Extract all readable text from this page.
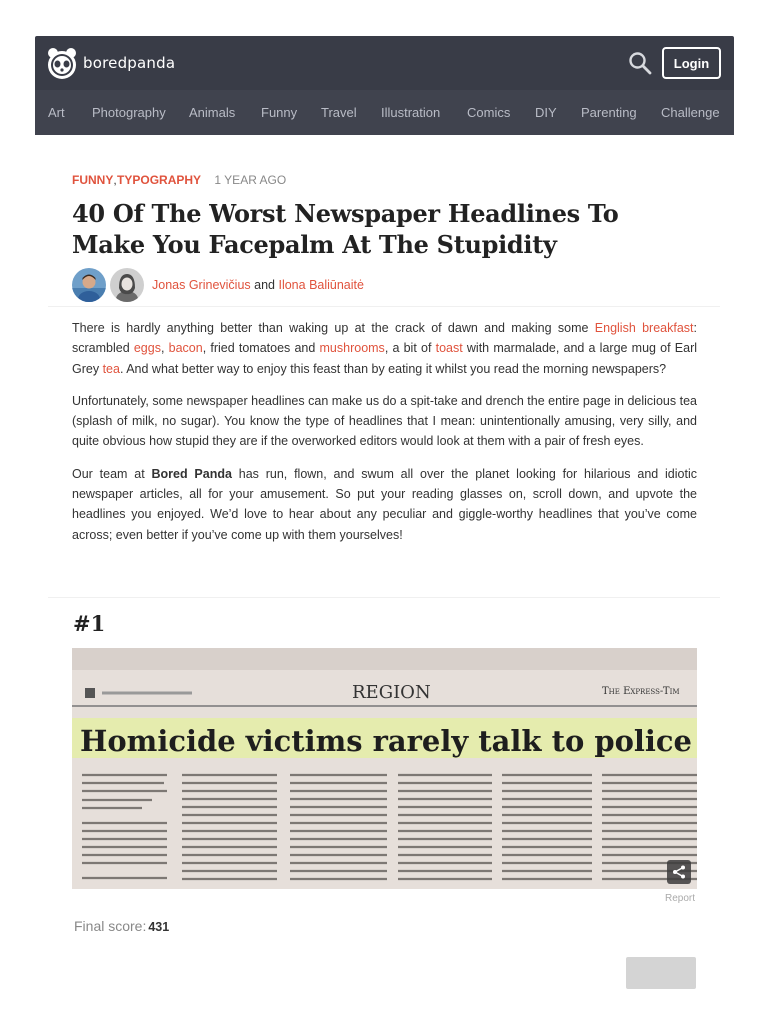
boredpanda	Login
Art Photography Animals Funny Travel Illustration Comics DIY Parenting Challenge
FUNNY, TYPOGRAPHY 1 YEAR AGO
40 Of The Worst Newspaper Headlines To Make You Facepalm At The Stupidity
Jonas Grinevičius and Ilona Baliūnaitė

There is hardly anything better than waking up at the crack of dawn and making some English breakfast: scrambled eggs, bacon, fried tomatoes and mushrooms, a bit of toast with marmalade, and a large mug of Earl Grey tea. And what better way to enjoy this feast than by eating it whilst you read the morning newspapers?

Unfortunately, some newspaper headlines can make us do a spit-take and drench the entire page in delicious tea (splash of milk, no sugar). You know the type of headlines that I mean: unintentionally amusing, very silly, and quite obvious how stupid they are if the overworked editors would look at them with a pair of fresh eyes.

Our team at Bored Panda has run, flown, and swum all over the planet looking for hilarious and idiotic newspaper articles, all for your amusement. So put your reading glasses on, scroll down, and upvote the headlines you enjoyed. We’d love to hear about any peculiar and giggle-worthy headlines that you’ve come across; even better if you’ve come up with them yourselves!

#1
REGION	The Express-Tim
Homicide victims rarely talk to police
Report
Final score: 431
